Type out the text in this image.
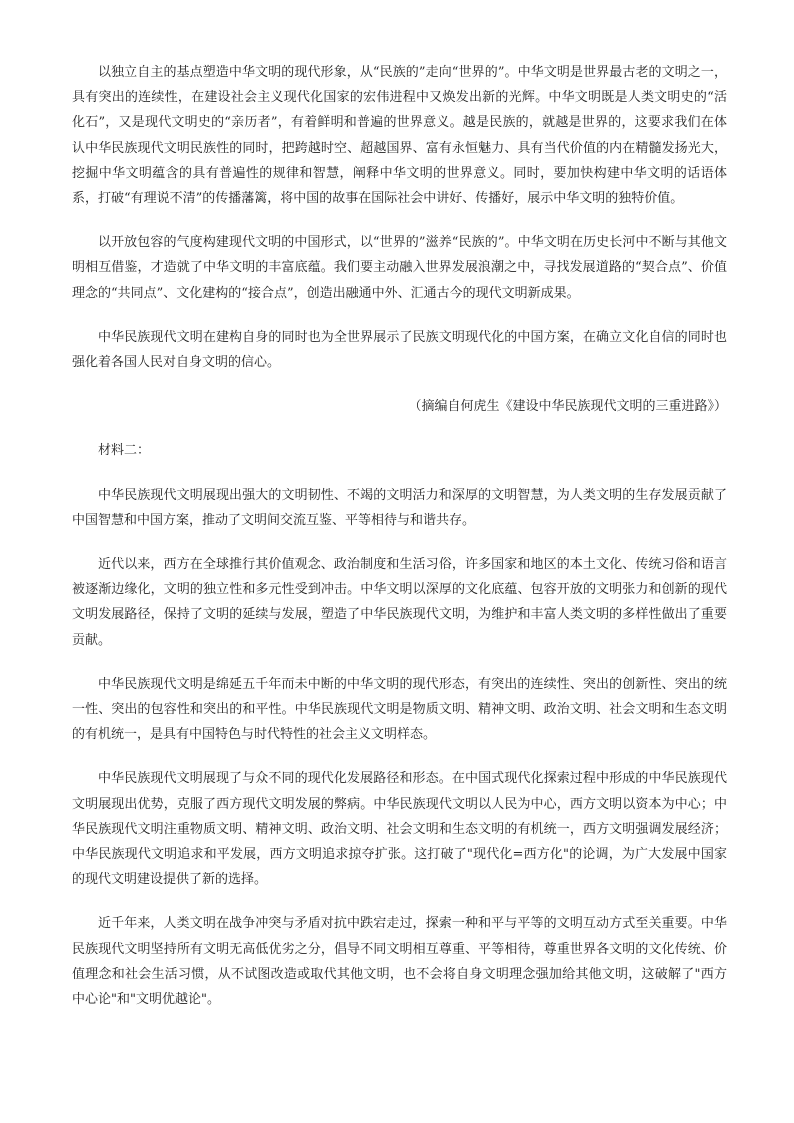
以独立自主的基点塑造中华文明的现代形象，从“民族的”走向“世界的”。中华文明是世界最古老的文明之一，具有突出的连续性，在建设社会主义现代化国家的宏伟进程中又焕发出新的光辉。中华文明既是人类文明史的“活化石”，又是现代文明史的“亲历者”，有着鲜明和普遍的世界意义。越是民族的，就越是世界的，这要求我们在体认中华民族现代文明民族性的同时，把跨越时空、超越国界、富有永恒魅力、具有当代价值的内在精髓发扬光大，挖掘中华文明蕴含的具有普遍性的规律和智慧，阐释中华文明的世界意义。同时，要加快构建中华文明的话语体系，打破“有理说不清”的传播藩篱，将中国的故事在国际社会中讲好、传播好，展示中华文明的独特价值。

以开放包容的气度构建现代文明的中国形式，以“世界的”滋养“民族的”。中华文明在历史长河中不断与其他文明相互借鉴，才造就了中华文明的丰富底蕴。我们要主动融入世界发展浪潮之中，寻找发展道路的“契合点”、价值理念的“共同点”、文化建构的“接合点”，创造出融通中外、汇通古今的现代文明新成果。

中华民族现代文明在建构自身的同时也为全世界展示了民族文明现代化的中国方案，在确立文化自信的同时也强化着各国人民对自身文明的信心。

（摘编自何虎生《建设中华民族现代文明的三重进路》）

材料二：

中华民族现代文明展现出强大的文明韧性、不竭的文明活力和深厚的文明智慧，为人类文明的生存发展贡献了中国智慧和中国方案，推动了文明间交流互鉴、平等相待与和谐共存。

近代以来，西方在全球推行其价值观念、政治制度和生活习俗，许多国家和地区的本土文化、传统习俗和语言被逐渐边缘化，文明的独立性和多元性受到冲击。中华文明以深厚的文化底蕴、包容开放的文明张力和创新的现代文明发展路径，保持了文明的延续与发展，塑造了中华民族现代文明，为维护和丰富人类文明的多样性做出了重要贡献。

中华民族现代文明是绵延五千年而未中断的中华文明的现代形态，有突出的连续性、突出的创新性、突出的统一性、突出的包容性和突出的和平性。中华民族现代文明是物质文明、精神文明、政治文明、社会文明和生态文明的有机统一，是具有中国特色与时代特性的社会主义文明样态。

中华民族现代文明展现了与众不同的现代化发展路径和形态。在中国式现代化探索过程中形成的中华民族现代文明展现出优势，克服了西方现代文明发展的弊病。中华民族现代文明以人民为中心，西方文明以资本为中心；中华民族现代文明注重物质文明、精神文明、政治文明、社会文明和生态文明的有机统一，西方文明强调发展经济；中华民族现代文明追求和平发展，西方文明追求掠夺扩张。这打破了"现代化=西方化"的论调，为广大发展中国家的现代文明建设提供了新的选择。

近千年来，人类文明在战争冲突与矛盾对抗中跌宕走过，探索一种和平与平等的文明互动方式至关重要。中华民族现代文明坚持所有文明无高低优劣之分，倡导不同文明相互尊重、平等相待，尊重世界各文明的文化传统、价值理念和社会生活习惯，从不试图改造或取代其他文明，也不会将自身文明理念强加给其他文明，这破解了"西方中心论"和"文明优越论"。
